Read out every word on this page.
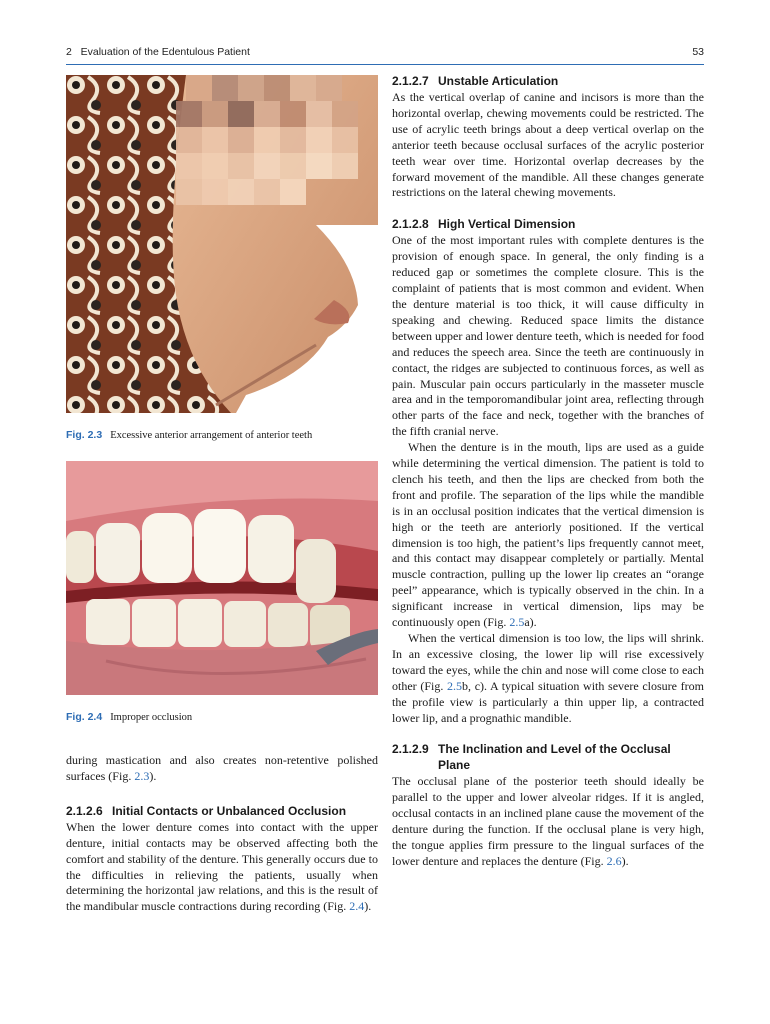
2 Evaluation of the Edentulous Patient	53
Fig. 2.3 Excessive anterior arrangement of anterior teeth
Fig. 2.4 Improper occlusion

during mastication and also creates non-retentive polished surfaces (Fig. 2.3).

2.1.2.6 Initial Contacts or Unbalanced Occlusion

When the lower denture comes into contact with the upper denture, initial contacts may be observed affecting both the comfort and stability of the denture. This generally occurs due to the difficulties in relieving the patients, usually when determining the horizontal jaw relations, and this is the result of the mandibular muscle contractions during recording (Fig. 2.4).

2.1.2.7 Unstable Articulation

As the vertical overlap of canine and incisors is more than the horizontal overlap, chewing movements could be restricted. The use of acrylic teeth brings about a deep vertical overlap on the anterior teeth because occlusal surfaces of the acrylic posterior teeth wear over time. Horizontal overlap decreases by the forward movement of the mandible. All these changes generate restrictions on the lateral chewing movements.

2.1.2.8 High Vertical Dimension

One of the most important rules with complete dentures is the provision of enough space. In general, the only finding is a reduced gap or sometimes the complete closure. This is the complaint of patients that is most common and evident. When the denture material is too thick, it will cause difficulty in speaking and chewing. Reduced space limits the distance between upper and lower denture teeth, which is needed for food and reduces the speech area. Since the teeth are continuously in contact, the ridges are subjected to continuous forces, as well as pain. Muscular pain occurs particularly in the masseter muscle area and in the temporomandibular joint area, reflecting through other parts of the face and neck, together with the branches of the fifth cranial nerve.

When the denture is in the mouth, lips are used as a guide while determining the vertical dimension. The patient is told to clench his teeth, and then the lips are checked from both the front and profile. The separation of the lips while the mandible is in an occlusal position indicates that the vertical dimension is high or the teeth are anteriorly positioned. If the vertical dimension is too high, the patient’s lips frequently cannot meet, and this contact may disappear completely or partially. Mental muscle contraction, pulling up the lower lip creates an “orange peel” appearance, which is typically observed in the chin. In a significant increase in vertical dimension, lips may be continuously open (Fig. 2.5a).

When the vertical dimension is too low, the lips will shrink. In an excessive closing, the lower lip will rise excessively toward the eyes, while the chin and nose will come close to each other (Fig. 2.5b, c). A typical situation with severe closure from the profile view is particularly a thin upper lip, a contracted lower lip, and a prognathic mandible.

2.1.2.9 The Inclination and Level of the Occlusal
Plane

The occlusal plane of the posterior teeth should ideally be parallel to the upper and lower alveolar ridges. If it is angled, occlusal contacts in an inclined plane cause the movement of the denture during the function. If the occlusal plane is very high, the tongue applies firm pressure to the lingual surfaces of the lower denture and replaces the denture (Fig. 2.6).
